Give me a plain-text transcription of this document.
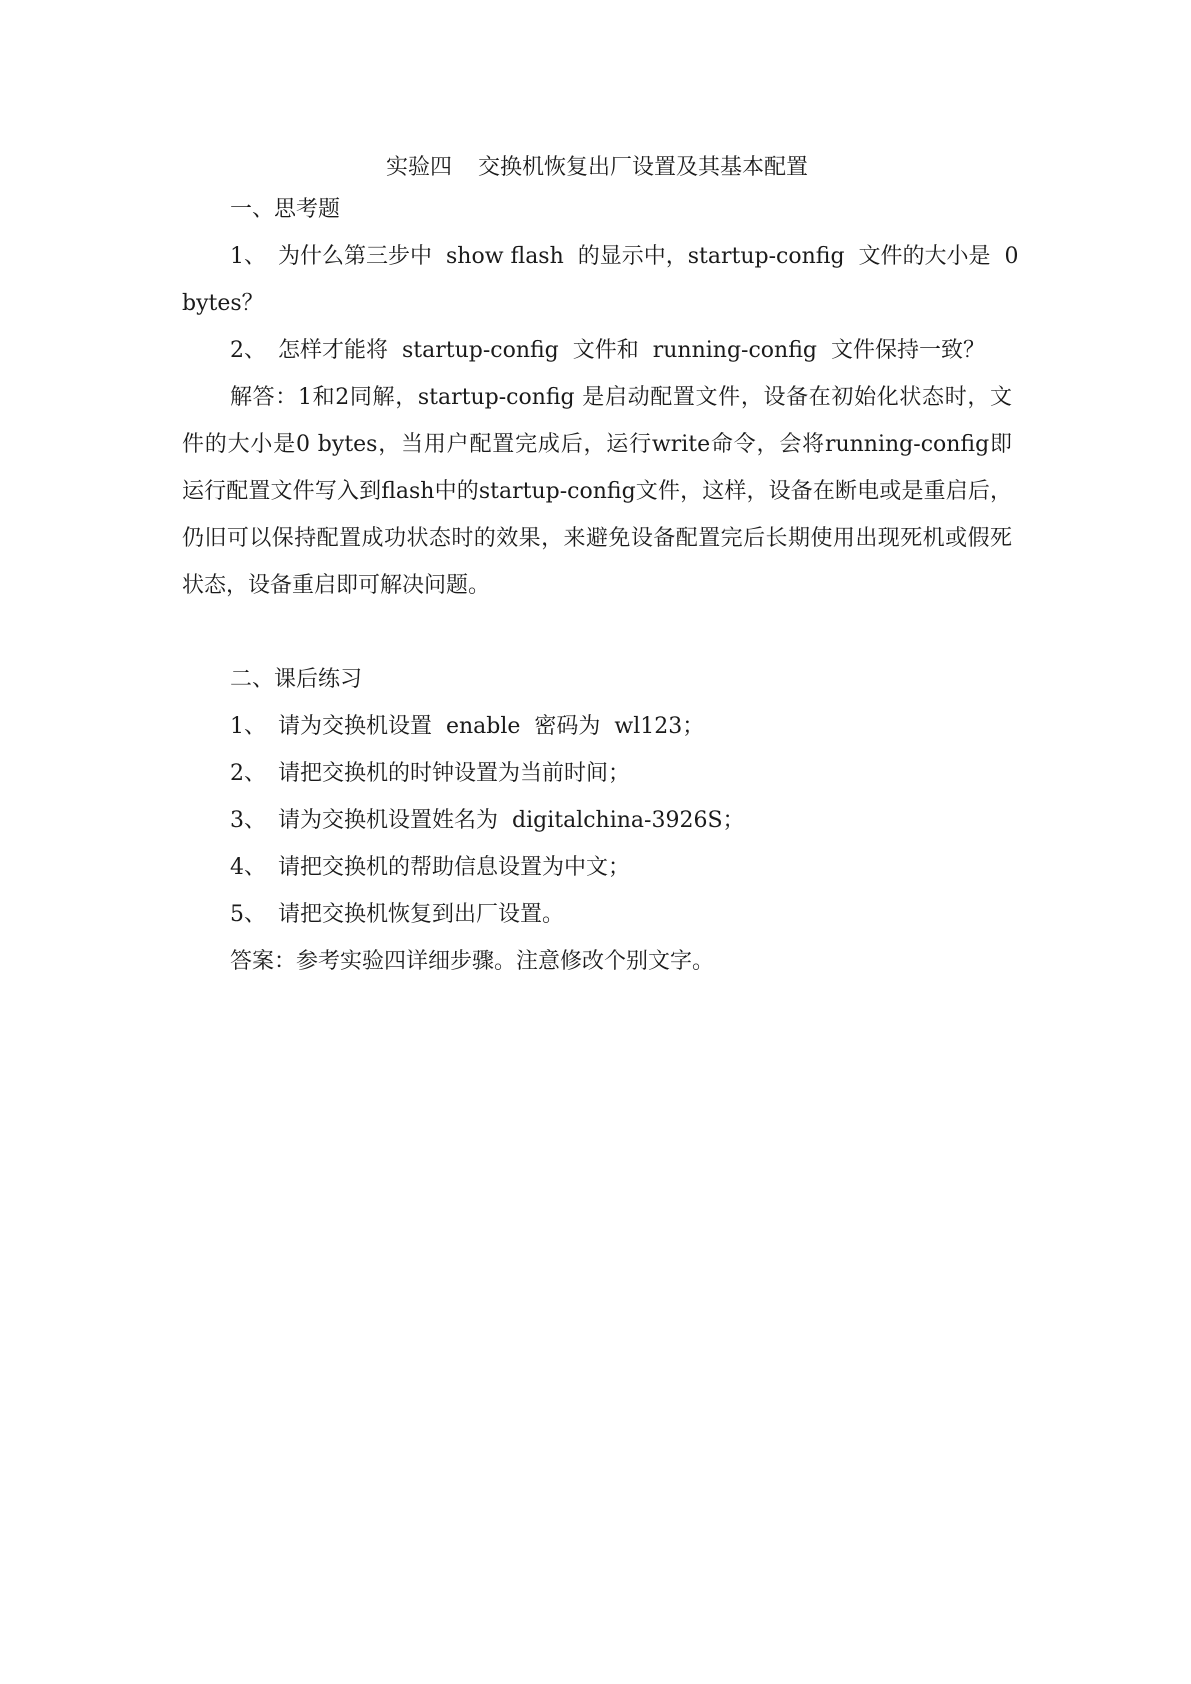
实验四 交换机恢复出厂设置及其基本配置

一、思考题

1、 为什么第三步中  show flash  的显示中，startup-config  文件的大小是  0

bytes？

2、 怎样才能将  startup-config  文件和  running-config  文件保持一致？

解答：1和2同解，startup-config 是启动配置文件，设备在初始化状态时，文件的大小是0 bytes，当用户配置完成后，运行write命令，会将running-config即运行配置文件写入到flash中的startup-config文件，这样，设备在断电或是重启后，仍旧可以保持配置成功状态时的效果，来避免设备配置完后长期使用出现死机或假死状态，设备重启即可解决问题。

二、课后练习

1、 请为交换机设置  enable  密码为  wl123；

2、 请把交换机的时钟设置为当前时间；

3、 请为交换机设置姓名为  digitalchina-3926S；

4、 请把交换机的帮助信息设置为中文；

5、 请把交换机恢复到出厂设置。

答案：参考实验四详细步骤。注意修改个别文字。
